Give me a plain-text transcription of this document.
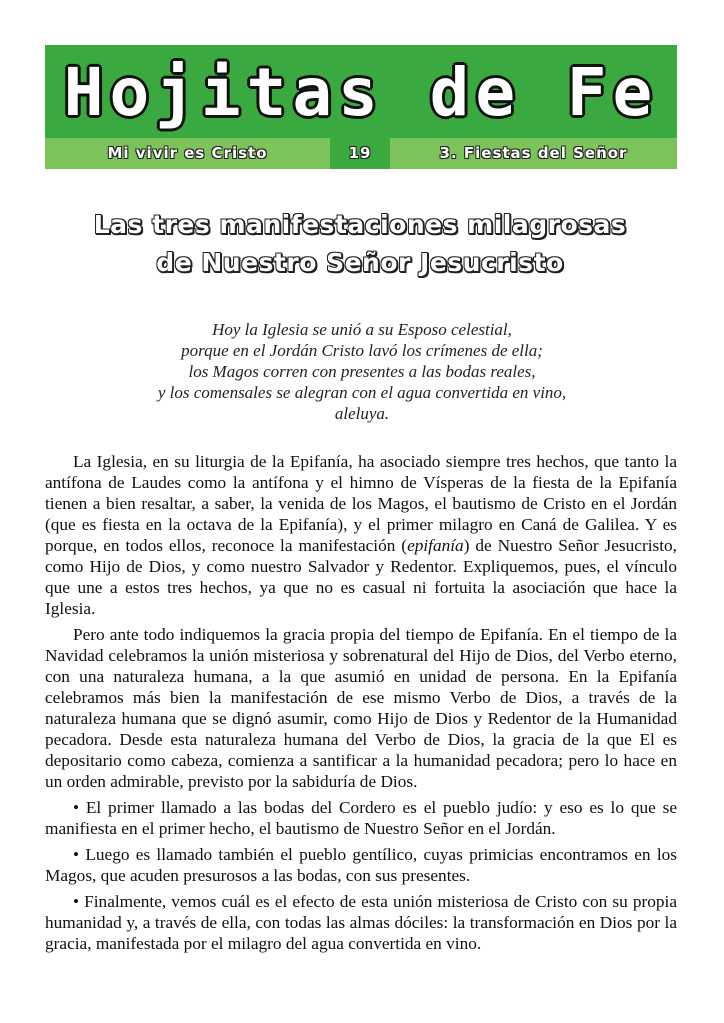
Hojitas de Fe
Mi vivir es Cristo	19	3. Fiestas del Señor
Las tres manifestaciones milagrosas
de Nuestro Señor Jesucristo
Hoy la Iglesia se unió a su Esposo celestial,
porque en el Jordán Cristo lavó los crímenes de ella;
los Magos corren con presentes a las bodas reales,
y los comensales se alegran con el agua convertida en vino,
aleluya.

La Iglesia, en su liturgia de la Epifanía, ha asociado siempre tres hechos, que tanto la antífona de Laudes como la antífona y el himno de Vísperas de la fiesta de la Epifanía tienen a bien resaltar, a saber, la venida de los Magos, el bautismo de Cristo en el Jordán (que es fiesta en la octava de la Epifanía), y el primer milagro en Caná de Galilea. Y es porque, en todos ellos, reconoce la manifestación (epifanía) de Nuestro Señor Jesucristo, como Hijo de Dios, y como nuestro Salvador y Redentor. Expliquemos, pues, el vínculo que une a estos tres hechos, ya que no es casual ni fortuita la asociación que hace la Iglesia.

Pero ante todo indiquemos la gracia propia del tiempo de Epifanía. En el tiempo de la Navidad celebramos la unión misteriosa y sobrenatural del Hijo de Dios, del Verbo eterno, con una naturaleza humana, a la que asumió en unidad de persona. En la Epifanía celebramos más bien la manifestación de ese mismo Verbo de Dios, a través de la naturaleza humana que se dignó asumir, como Hijo de Dios y Redentor de la Humanidad pecadora. Desde esta naturaleza humana del Verbo de Dios, la gracia de la que El es depositario como cabeza, comienza a santificar a la humanidad pecadora; pero lo hace en un orden admirable, previsto por la sabiduría de Dios.

• El primer llamado a las bodas del Cordero es el pueblo judío: y eso es lo que se manifiesta en el primer hecho, el bautismo de Nuestro Señor en el Jordán.

• Luego es llamado también el pueblo gentílico, cuyas primicias encontramos en los Magos, que acuden presurosos a las bodas, con sus presentes.

• Finalmente, vemos cuál es el efecto de esta unión misteriosa de Cristo con su propia humanidad y, a través de ella, con todas las almas dóciles: la transformación en Dios por la gracia, manifestada por el milagro del agua convertida en vino.
